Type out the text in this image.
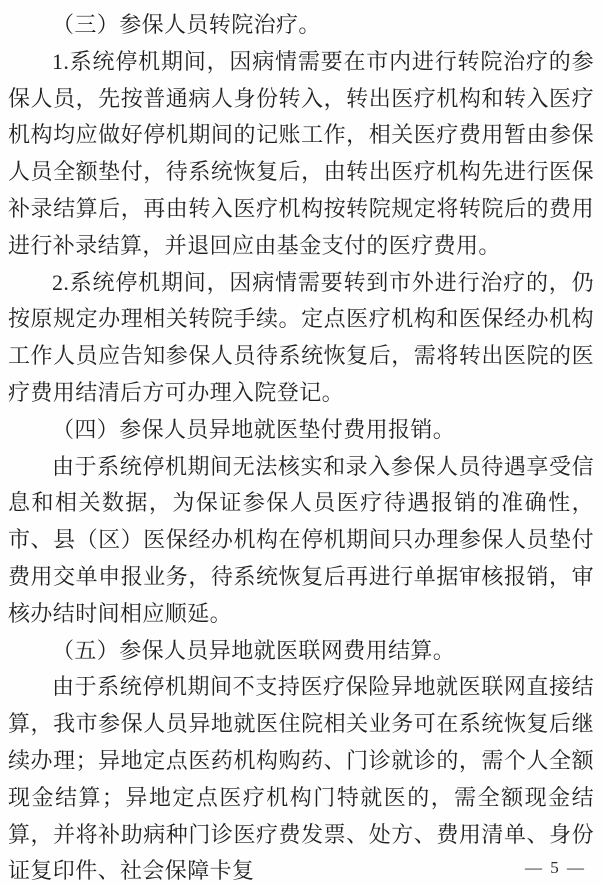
（三）参保人员转院治疗。

1.系统停机期间，因病情需要在市内进行转院治疗的参保人员，先按普通病人身份转入，转出医疗机构和转入医疗机构均应做好停机期间的记账工作，相关医疗费用暂由参保人员全额垫付，待系统恢复后，由转出医疗机构先进行医保补录结算后，再由转入医疗机构按转院规定将转院后的费用进行补录结算，并退回应由基金支付的医疗费用。

2.系统停机期间，因病情需要转到市外进行治疗的，仍按原规定办理相关转院手续。定点医疗机构和医保经办机构工作人员应告知参保人员待系统恢复后，需将转出医院的医疗费用结清后方可办理入院登记。

（四）参保人员异地就医垫付费用报销。

由于系统停机期间无法核实和录入参保人员待遇享受信息和相关数据，为保证参保人员医疗待遇报销的准确性，市、县（区）医保经办机构在停机期间只办理参保人员垫付费用交单申报业务，待系统恢复后再进行单据审核报销，审核办结时间相应顺延。

（五）参保人员异地就医联网费用结算。

由于系统停机期间不支持医疗保险异地就医联网直接结算，我市参保人员异地就医住院相关业务可在系统恢复后继续办理；异地定点医药机构购药、门诊就诊的，需个人全额现金结算；异地定点医疗机构门特就医的，需全额现金结算，并将补助病种门诊医疗费发票、处方、费用清单、身份证复印件、社会保障卡复	— 5 —
